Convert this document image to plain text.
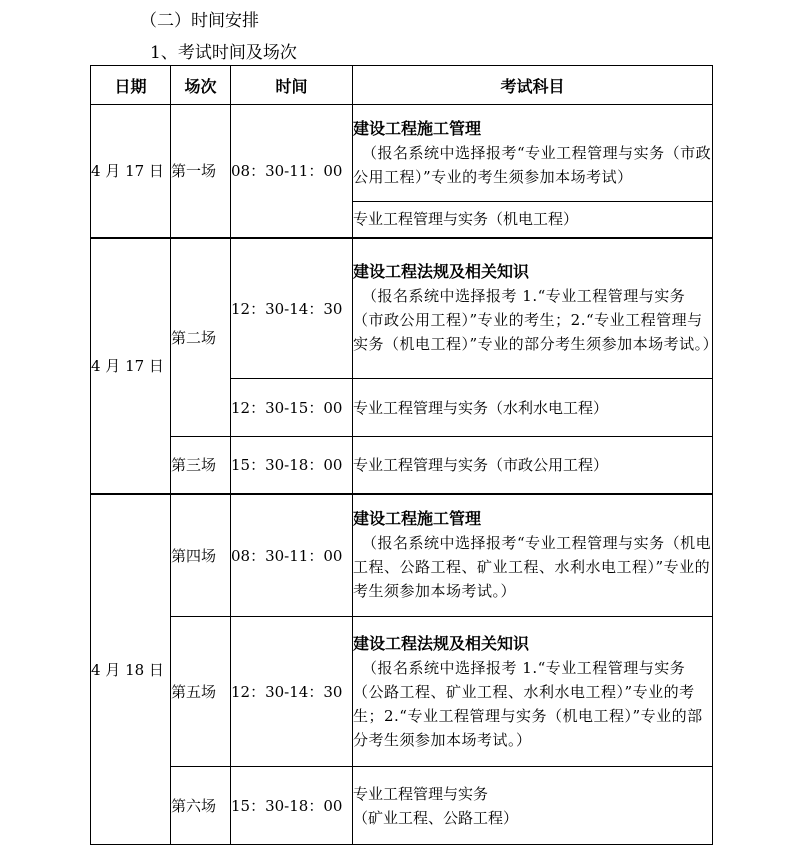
（二）时间安排
1、考试时间及场次
日期	场次	时间	考试科目
4 月 17 日	第一场	08：30-11：00	建设工程施工管理
（报名系统中选择报考“专业工程管理与实务（市政公用工程）”专业的考生须参加本场考试）

			专业工程管理与实务（机电工程）

4 月 17 日	第二场	12：30-14：30	建设工程法规及相关知识
（报名系统中选择报考 1.“专业工程管理与实务（市政公用工程）”专业的考生；2.“专业工程管理与实务（机电工程）”专业的部分考生须参加本场考试。）

		12：30-15：00	专业工程管理与实务（水利水电工程）

	第三场	15：30-18：00	专业工程管理与实务（市政公用工程）

4 月 18 日	第四场	08：30-11：00	建设工程施工管理
（报名系统中选择报考“专业工程管理与实务（机电工程、公路工程、矿业工程、水利水电工程）”专业的考生须参加本场考试。）

	第五场	12：30-14：30	建设工程法规及相关知识
（报名系统中选择报考 1.“专业工程管理与实务（公路工程、矿业工程、水利水电工程）”专业的考生；2.“专业工程管理与实务（机电工程）”专业的部分考生须参加本场考试。）

	第六场	15：30-18：00	专业工程管理与实务
（矿业工程、公路工程）
